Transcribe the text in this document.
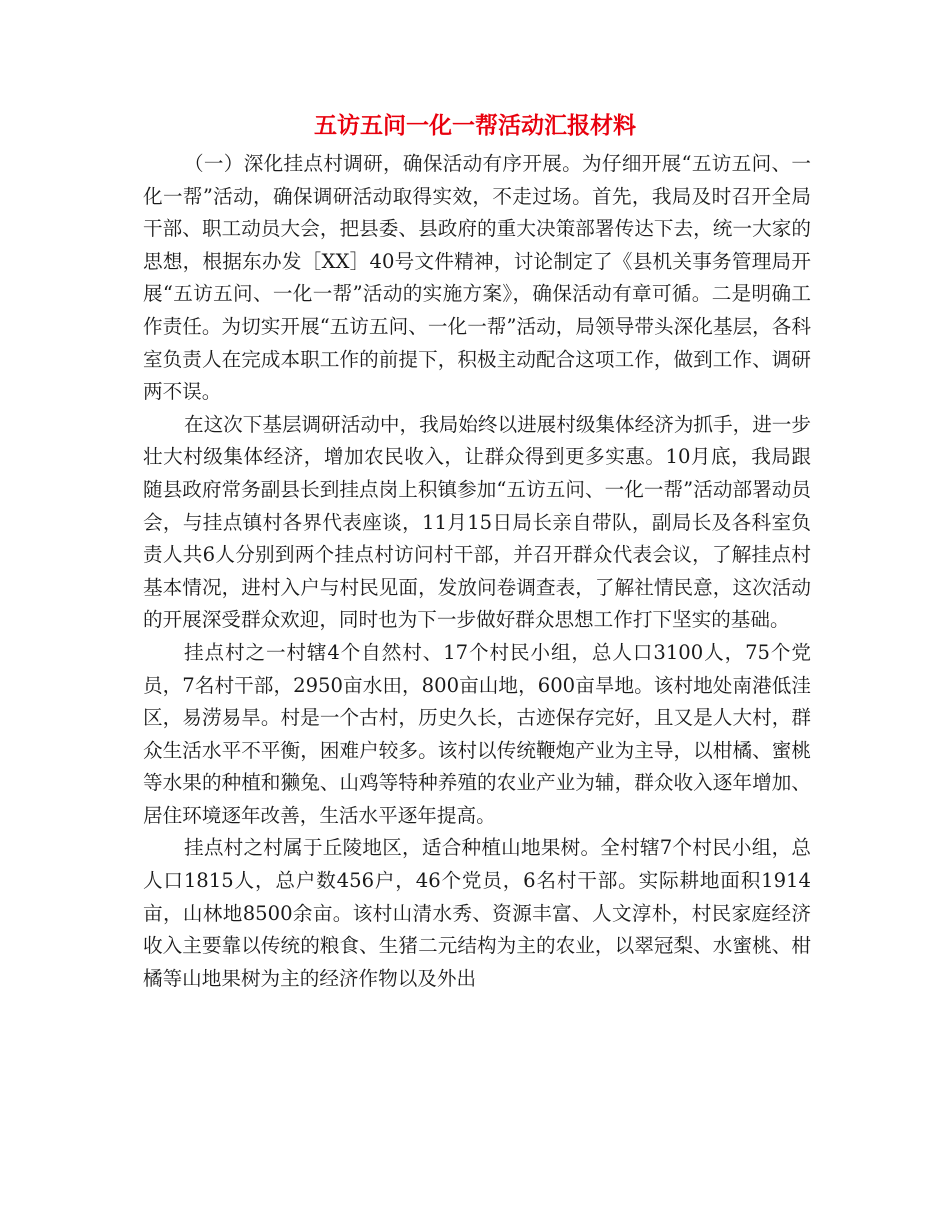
五访五问一化一帮活动汇报材料

（一）深化挂点村调研，确保活动有序开展。为仔细开展“五访五问、一化一帮”活动，确保调研活动取得实效，不走过场。首先，我局及时召开全局干部、职工动员大会，把县委、县政府的重大决策部署传达下去，统一大家的思想，根据东办发［XX］40号文件精神，讨论制定了《县机关事务管理局开展“五访五问、一化一帮”活动的实施方案》，确保活动有章可循。二是明确工作责任。为切实开展“五访五问、一化一帮”活动，局领导带头深化基层，各科室负责人在完成本职工作的前提下，积极主动配合这项工作，做到工作、调研两不误。

在这次下基层调研活动中，我局始终以进展村级集体经济为抓手，进一步壮大村级集体经济，增加农民收入，让群众得到更多实惠。10月底，我局跟随县政府常务副县长到挂点岗上积镇参加“五访五问、一化一帮”活动部署动员会，与挂点镇村各界代表座谈，11月15日局长亲自带队，副局长及各科室负责人共6人分别到两个挂点村访问村干部，并召开群众代表会议，了解挂点村基本情况，进村入户与村民见面，发放问卷调查表，了解社情民意，这次活动的开展深受群众欢迎，同时也为下一步做好群众思想工作打下坚实的基础。

挂点村之一村辖4个自然村、17个村民小组，总人口3100人，75个党员，7名村干部，2950亩水田，800亩山地，600亩旱地。该村地处南港低洼区，易涝易旱。村是一个古村，历史久长，古迹保存完好，且又是人大村，群众生活水平不平衡，困难户较多。该村以传统鞭炮产业为主导，以柑橘、蜜桃等水果的种植和獭兔、山鸡等特种养殖的农业产业为辅，群众收入逐年增加、居住环境逐年改善，生活水平逐年提高。

挂点村之村属于丘陵地区，适合种植山地果树。全村辖7个村民小组，总人口1815人，总户数456户，46个党员，6名村干部。实际耕地面积1914亩，山林地8500余亩。该村山清水秀、资源丰富、人文淳朴，村民家庭经济收入主要靠以传统的粮食、生猪二元结构为主的农业，以翠冠梨、水蜜桃、柑橘等山地果树为主的经济作物以及外出
